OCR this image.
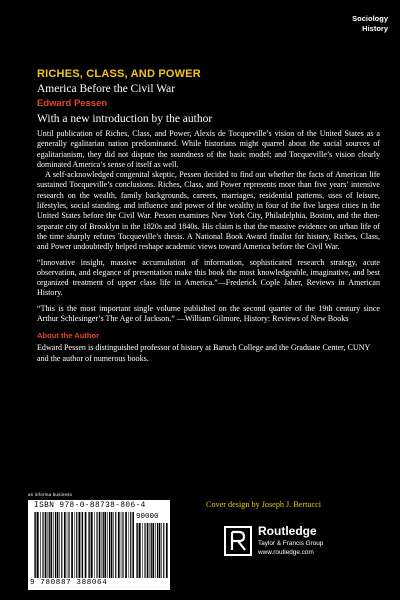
Sociology
History

RICHES, CLASS, AND POWER

America Before the Civil War

Edward Pessen

With a new introduction by the author

Until publication of Riches, Class, and Power, Alexis de Tocqueville’s vision of the United States as a generally egalitarian nation predominated. While historians might quarrel about the social sources of egalitarianism, they did not dispute the soundness of the basic model; and Tocqueville’s vision clearly dominated America’s sense of itself as well.

A self-acknowledged congenital skeptic, Pessen decided to find out whether the facts of American life sustained Tocqueville’s conclusions. Riches, Class, and Power represents more than five years’ intensive research on the wealth, family backgrounds, careers, marriages, residential patterns, uses of leisure, lifestyles, social standing, and influence and power of the wealthy in four of the five largest cities in the United States before the Civil War. Pessen examines New York City, Philadelphia, Boston, and the then-separate city of Brooklyn in the 1820s and 1840s. His claim is that the massive evidence on urban life of the time sharply refutes Tocqueville’s thesis. A National Book Award finalist for history, Riches, Class, and Power undoubtedly helped reshape academic views toward America before the Civil War.

“Innovative insight, massive accumulation of information, sophisticated research strategy, acute observation, and elegance of presentation make this book the most knowledgeable, imaginative, and best organized treatment of upper class life in America.”—Frederick Cople Jaher, Reviews in American History.

“This is the most important single volume published on the second quarter of the 19th century since Arthur Schlesinger’s The Age of Jackson.” —William Gilmore, History: Reviews of New Books

About the Author

Edward Pessen is distinguished professor of history at Baruch College and the Graduate Center, CUNY and the author of numerous books.

an informa business
ISBN 978-0-88738-806-4
90000
9 780887 388064
Cover design by Joseph J. Bertucci
Routledge
Taylor & Francis Group
www.routledge.com
